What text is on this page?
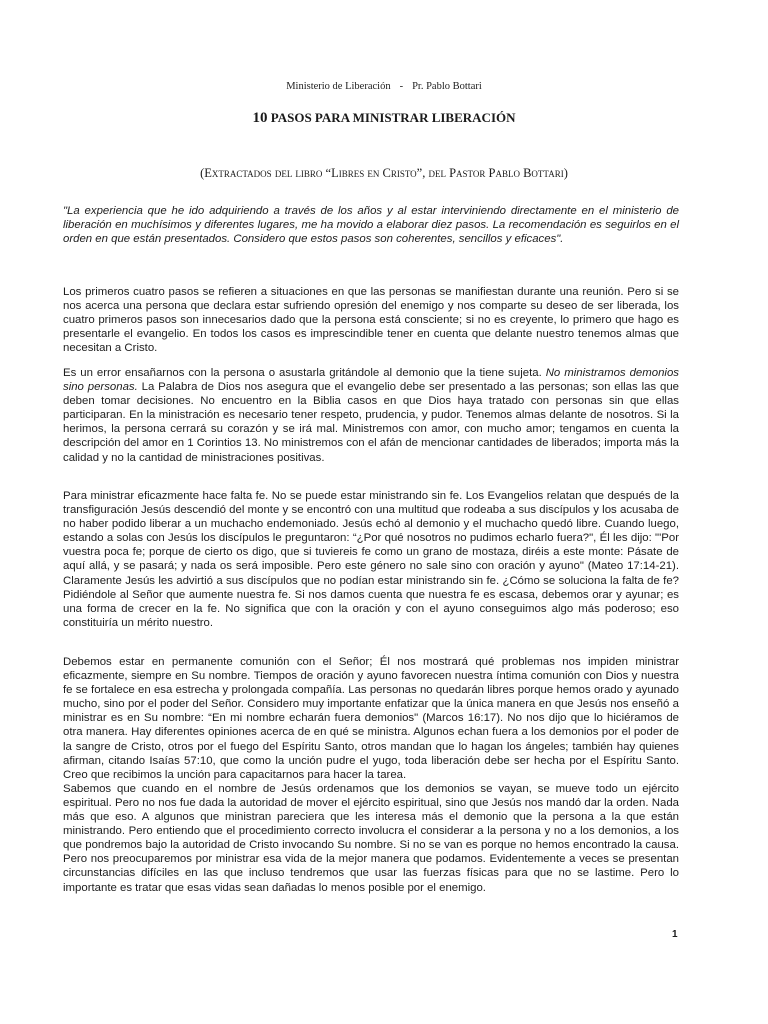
Ministerio de Liberación - Pr. Pablo Bottari
10 PASOS PARA MINISTRAR LIBERACIÓN
(Extractados del libro “Libres en Cristo”, del Pastor Pablo Bottari)

"La experiencia que he ido adquiriendo a través de los años y al estar interviniendo directamente en el ministerio de liberación en muchísimos y diferentes lugares, me ha movido a elaborar diez pasos. La recomendación es seguirlos en el orden en que están presentados. Considero que estos pasos son coherentes, sencillos y eficaces".

Los primeros cuatro pasos se refieren a situaciones en que las personas se manifiestan durante una reunión. Pero si se nos acerca una persona que declara estar sufriendo opresión del enemigo y nos comparte su deseo de ser liberada, los cuatro primeros pasos son innecesarios dado que la persona está consciente; si no es creyente, lo primero que hago es presentarle el evangelio. En todos los casos es imprescindible tener en cuenta que delante nuestro tenemos almas que necesitan a Cristo.

Es un error ensañarnos con la persona o asustarla gritándole al demonio que la tiene sujeta. No ministramos demonios sino personas. La Palabra de Dios nos asegura que el evangelio debe ser presentado a las personas; son ellas las que deben tomar decisiones. No encuentro en la Biblia casos en que Dios haya tratado con personas sin que ellas participaran. En la ministración es necesario tener respeto, prudencia, y pudor. Tenemos almas delante de nosotros. Si la herimos, la persona cerrará su corazón y se irá mal. Ministremos con amor, con mucho amor; tengamos en cuenta la descripción del amor en 1 Corintios 13. No ministremos con el afán de mencionar cantidades de liberados; importa más la calidad y no la cantidad de ministraciones positivas.

Para ministrar eficazmente hace falta fe. No se puede estar ministrando sin fe. Los Evangelios relatan que después de la transfiguración Jesús descendió del monte y se encontró con una multitud que rodeaba a sus discípulos y los acusaba de no haber podido liberar a un muchacho endemoniado. Jesús echó al demonio y el muchacho quedó libre. Cuando luego, estando a solas con Jesús los discípulos le preguntaron: “¿Por qué nosotros no pudimos echarlo fuera?", Él les dijo: "'Por vuestra poca fe; porque de cierto os digo, que si tuviereis fe como un grano de mostaza, diréis a este monte: Pásate de aquí allá, y se pasará; y nada os será imposible. Pero este género no sale sino con oración y ayuno" (Mateo 17:14-21). Claramente Jesús les advirtió a sus discípulos que no podían estar ministrando sin fe. ¿Cómo se soluciona la falta de fe? Pidiéndole al Señor que aumente nuestra fe. Si nos damos cuenta que nuestra fe es escasa, debemos orar y ayunar; es una forma de crecer en la fe. No significa que con la oración y con el ayuno conseguimos algo más poderoso; eso constituiría un mérito nuestro.

Debemos estar en permanente comunión con el Señor; Él nos mostrará qué problemas nos impiden ministrar eficazmente, siempre en Su nombre. Tiempos de oración y ayuno favorecen nuestra íntima comunión con Dios y nuestra fe se fortalece en esa estrecha y prolongada compañía. Las personas no quedarán libres porque hemos orado y ayunado mucho, sino por el poder del Señor. Considero muy importante enfatizar que la única manera en que Jesús nos enseñó a ministrar es en Su nombre: “En mi nombre echarán fuera demonios" (Marcos 16:17). No nos dijo que lo hiciéramos de otra manera. Hay diferentes opiniones acerca de en qué se ministra. Algunos echan fuera a los demonios por el poder de la sangre de Cristo, otros por el fuego del Espíritu Santo, otros mandan que lo hagan los ángeles; también hay quienes afirman, citando Isaías 57:10, que como la unción pudre el yugo, toda liberación debe ser hecha por el Espíritu Santo. Creo que recibimos la unción para capacitarnos para hacer la tarea.

Sabemos que cuando en el nombre de Jesús ordenamos que los demonios se vayan, se mueve todo un ejército espiritual. Pero no nos fue dada la autoridad de mover el ejército espiritual, sino que Jesús nos mandó dar la orden. Nada más que eso. A algunos que ministran pareciera que les interesa más el demonio que la persona a la que están ministrando. Pero entiendo que el procedimiento correcto involucra el considerar a la persona y no a los demonios, a los que pondremos bajo la autoridad de Cristo invocando Su nombre. Si no se van es porque no hemos encontrado la causa. Pero nos preocuparemos por ministrar esa vida de la mejor manera que podamos. Evidentemente a veces se presentan circunstancias difíciles en las que incluso tendremos que usar las fuerzas físicas para que no se lastime. Pero lo importante es tratar que esas vidas sean dañadas lo menos posible por el enemigo.

1
